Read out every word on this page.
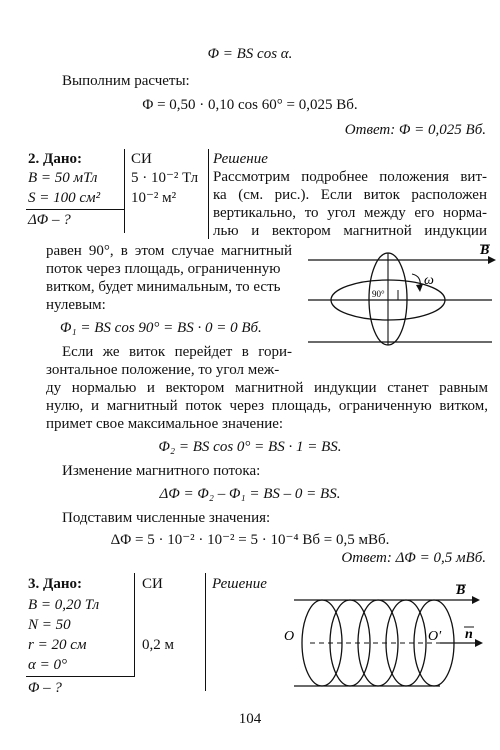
Φ = BS cos α.
Выполним расчеты:
Φ = 0,50 · 0,10 cos 60° = 0,025 Вб.
Ответ: Φ = 0,025 Вб.
2. Дано:
B = 50 мТл
S = 100 см²
ΔΦ – ?
СИ
5 · 10⁻² Тл
10⁻² м²
Решение
Рассмотрим подробнее положения вит-
ка (см. рис.). Если виток расположен
вертикально, то угол между его нормa-
лью и вектором магнитной индукции
равен 90°, в этом случае магнитный
поток через площадь, ограниченную
витком, будет минимальным, то есть
нулевым:
Φ₁ = BS cos 90° = BS · 0 = 0 Вб.
Если же виток перейдет в гори-
зонтальное положение, то угол меж-
ду нормалью и вектором магнитной индукции станет равным
нулю, и магнитный поток через площадь, ограниченную витком,
примет свое максимальное значение:
Φ₂ = BS cos 0° = BS · 1 = BS.
Изменение магнитного потока:
ΔΦ = Φ₂ – Φ₁ = BS – 0 = BS.
Подставим численные значения:
ΔΦ = 5 · 10⁻² · 10⁻² = 5 · 10⁻⁴ Вб = 0,5 мВб.
Ответ: ΔΦ = 0,5 мВб.
B
ω
90°
3. Дано:
B = 0,20 Тл
N = 50
r = 20 см
α = 0°
Φ – ?
СИ
0,2 м
Решение	B
n
O	O′
104
